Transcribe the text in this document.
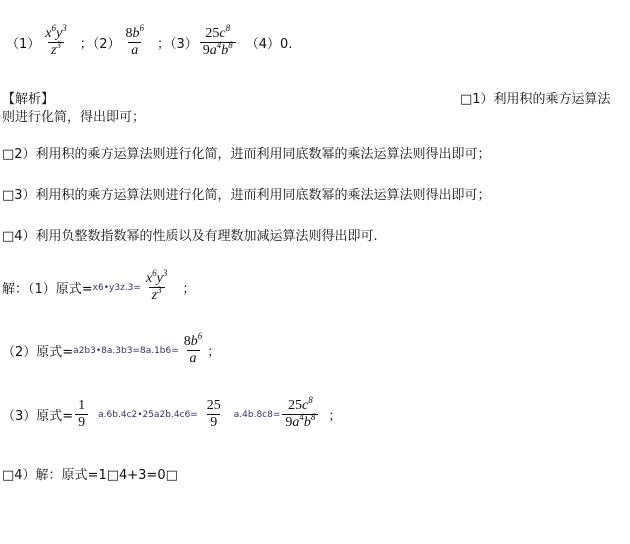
$(1) \frac{x^6y^3}{z^3}$ ；$(2) \frac{8b^6}{a}$ ；$(3) \frac{25c^8}{9a^4b^8} (4)0$.
【解析】	□1）利用积的乘方运算法
则进行化简，得出即可；
□2）利用积的乘方运算法则进行化简，进而利用同底数幂的乘法运算法则得出即可；
□3）利用积的乘方运算法则进行化简，进而利用同底数幂的乘法运算法则得出即可；
□4）利用负整数指数幂的性质以及有理数加减运算法则得出即可.
解：（1）原式= x6•y3z.3= $\frac{x^6y^3}{z^3}$ ；
（2）原式= a2b3•8a.3b3=8a.1b6= $\frac{8b^6}{a}$ ；
（3）原式= $\frac{1}{9}$ a.6b.4c2•25a2b.4c6= $\frac{25}{9} a.4b.8c8= \frac{25c^8}{9a^4b^8}$ ；
□4）解：原式=1□4+3=0□
